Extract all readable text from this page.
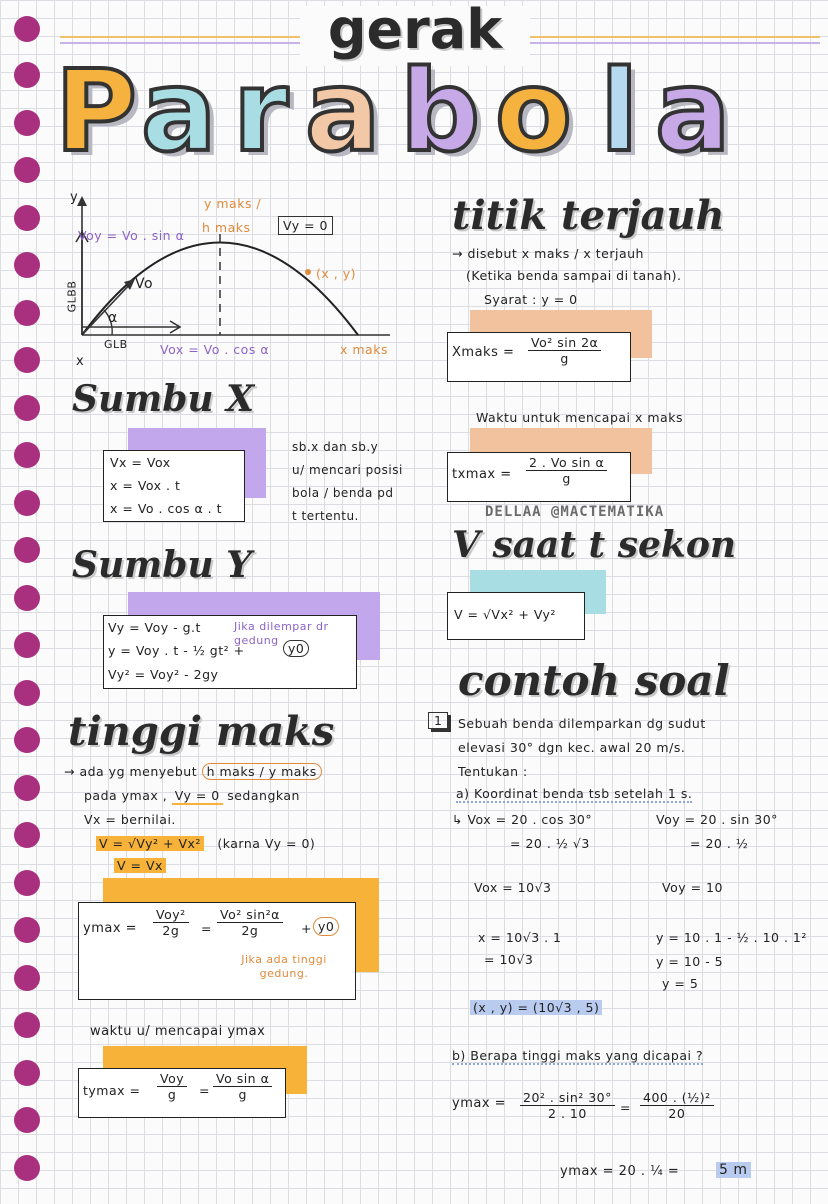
gerak
P a r a b o l a
y
x
y maks /
h maks	Vy = 0
Voy = Vo . sin α
Vo
α
GLB
GLBB
Vox = Vo . cos α
(x , y)
x maks
Sumbu X
Vx = Vox
x = Vox . t
x = Vo . cos α . t
sb.x dan sb.y
u/ mencari posisi
bola / benda pd
t tertentu.
Sumbu Y
Vy = Voy - g.t
y = Voy . t - ½ gt² +
Vy² = Voy² - 2gy
y0
Jika dilempar dr gedung
tinggi maks
→ ada yg menyebut h maks / y maks
pada ymax , Vy = 0 sedangkan
Vx = bernilai.
V = √Vy² + Vx² (karna Vy = 0)
V = Vx
ymax =
Voy²
2g	= $\frac{\text{Vo² sin²α}}{2g} + y0$
Jika ada tinggi gedung.
waktu u/ mencapai ymax
tymax =
Voy
g	= $\frac{\text{Vo sin α}}{g}$
titik terjauh
→ disebut x maks / x terjauh
(Ketika benda sampai di tanah).
Syarat : y = 0
Xmaks = $\frac{\text{Vo² sin 2α}}{g}$
Waktu untuk mencapai x maks
$txmax = \frac{\text{2 . Vo sin α}}{g}$
DELLAA @MACTEMATIKA
V saat t sekon
V = √Vx² + Vy²
contoh soal
1	Sebuah benda dilemparkan dg sudut
elevasi 30° dgn kec. awal 20 m/s.
Tentukan :
a) Koordinat benda tsb setelah 1 s.
↳ Vox = 20 . cos 30°	Voy = 20 . sin 30°
= 20 . ½ √3	= 20 . ½
Vox = 10√3	Voy = 10
x = 10√3 . 1	y = 10 . 1 - ½ . 10 . 1²
= 10√3	y = 10 - 5
y = 5
(x , y) = (10√3 , 5)
b) Berapa tinggi maks yang dicapai ?
$ymax = \frac{\text{20² . sin² 30°}}{2 . 10} = \frac{\text{400 . (½)²}}{20}$
ymax = 20 . ¼ =	5 m
